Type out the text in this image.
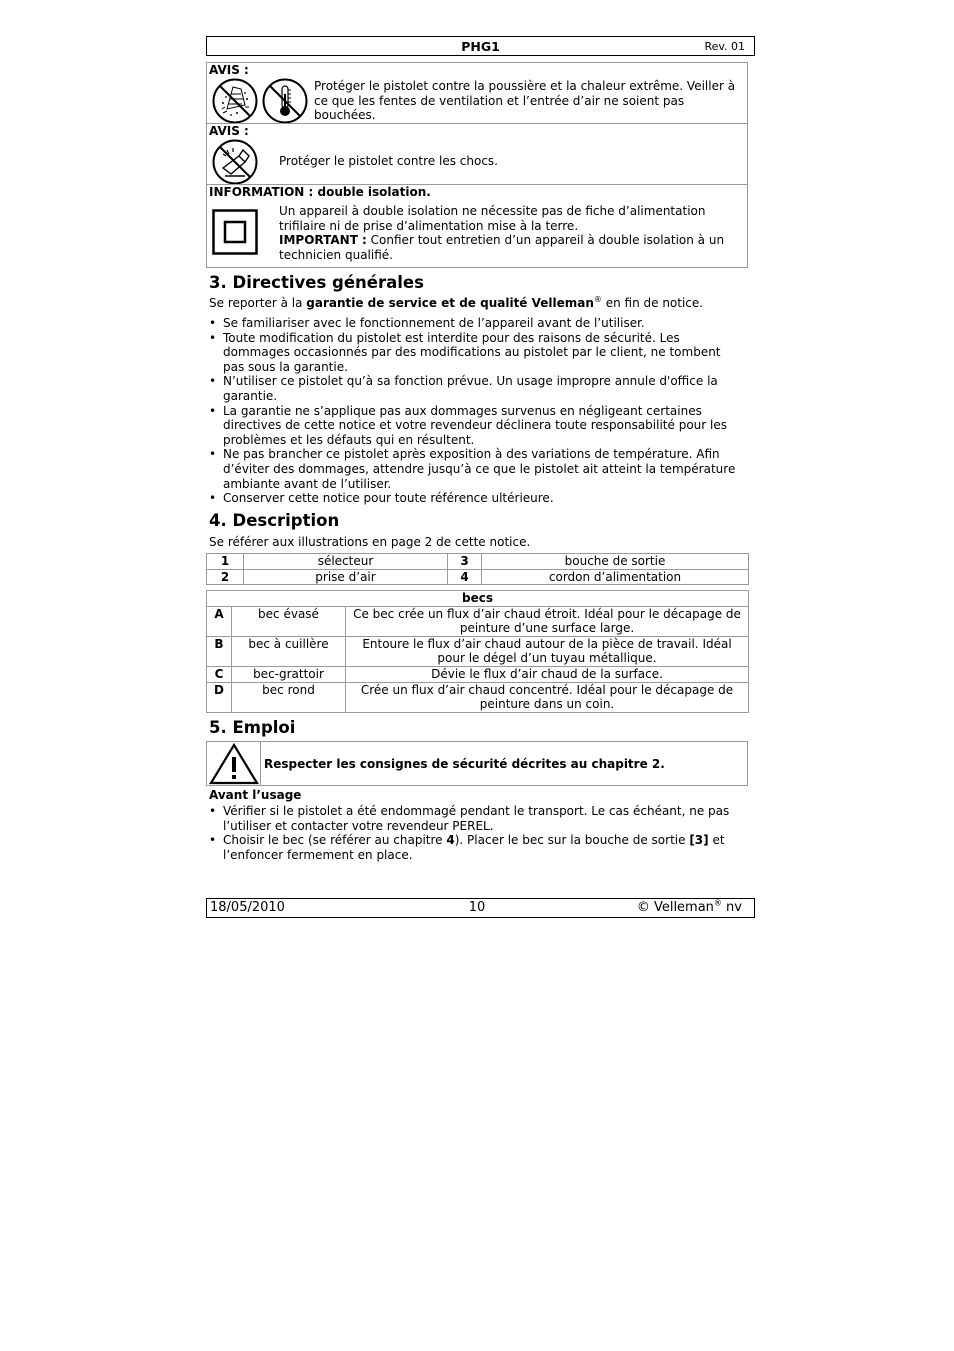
PHG1	Rev. 01
AVIS :
Protéger le pistolet contre la poussière et la chaleur extrême. Veiller à ce que les fentes de ventilation et l’entrée d’air ne soient pas bouchées.
AVIS :
Protéger le pistolet contre les chocs.
INFORMATION : double isolation.
Un appareil à double isolation ne nécessite pas de fiche d’alimentation trifilaire ni de prise d’alimentation mise à la terre.
IMPORTANT : Confier tout entretien d’un appareil à double isolation à un technicien qualifié.
3. Directives générales
Se reporter à la garantie de service et de qualité Velleman® en fin de notice.
• Se familiariser avec le fonctionnement de l’appareil avant de l’utiliser.
• Toute modification du pistolet est interdite pour des raisons de sécurité. Les dommages occasionnés par des modifications au pistolet par le client, ne tombent pas sous la garantie.
• N’utiliser ce pistolet qu’à sa fonction prévue. Un usage impropre annule d'office la garantie.
• La garantie ne s’applique pas aux dommages survenus en négligeant certaines directives de cette notice et votre revendeur déclinera toute responsabilité pour les problèmes et les défauts qui en résultent.
• Ne pas brancher ce pistolet après exposition à des variations de température. Afin d’éviter des dommages, attendre jusqu’à ce que le pistolet ait atteint la température ambiante avant de l’utiliser.
• Conserver cette notice pour toute référence ultérieure.
4. Description
Se référer aux illustrations en page 2 de cette notice.
1	sélecteur	3	bouche de sortie
2	prise d’air	4	cordon d’alimentation
becs		
A	bec évasé	Ce bec crée un flux d’air chaud étroit. Idéal pour le décapage de peinture d’une surface large.
B	bec à cuillère	Entoure le flux d’air chaud autour de la pièce de travail. Idéal pour le dégel d’un tuyau métallique.
C	bec-grattoir	Dévie le flux d’air chaud de la surface.
D	bec rond	Crée un flux d’air chaud concentré. Idéal pour le décapage de peinture dans un coin.
5. Emploi
Respecter les consignes de sécurité décrites au chapitre 2.
Avant l’usage
• Vérifier si le pistolet a été endommagé pendant le transport. Le cas échéant, ne pas l’utiliser et contacter votre revendeur PEREL.
• Choisir le bec (se référer au chapitre 4). Placer le bec sur la bouche de sortie [3] et l’enfoncer fermement en place.
18/05/2010	10	© Velleman® nv
